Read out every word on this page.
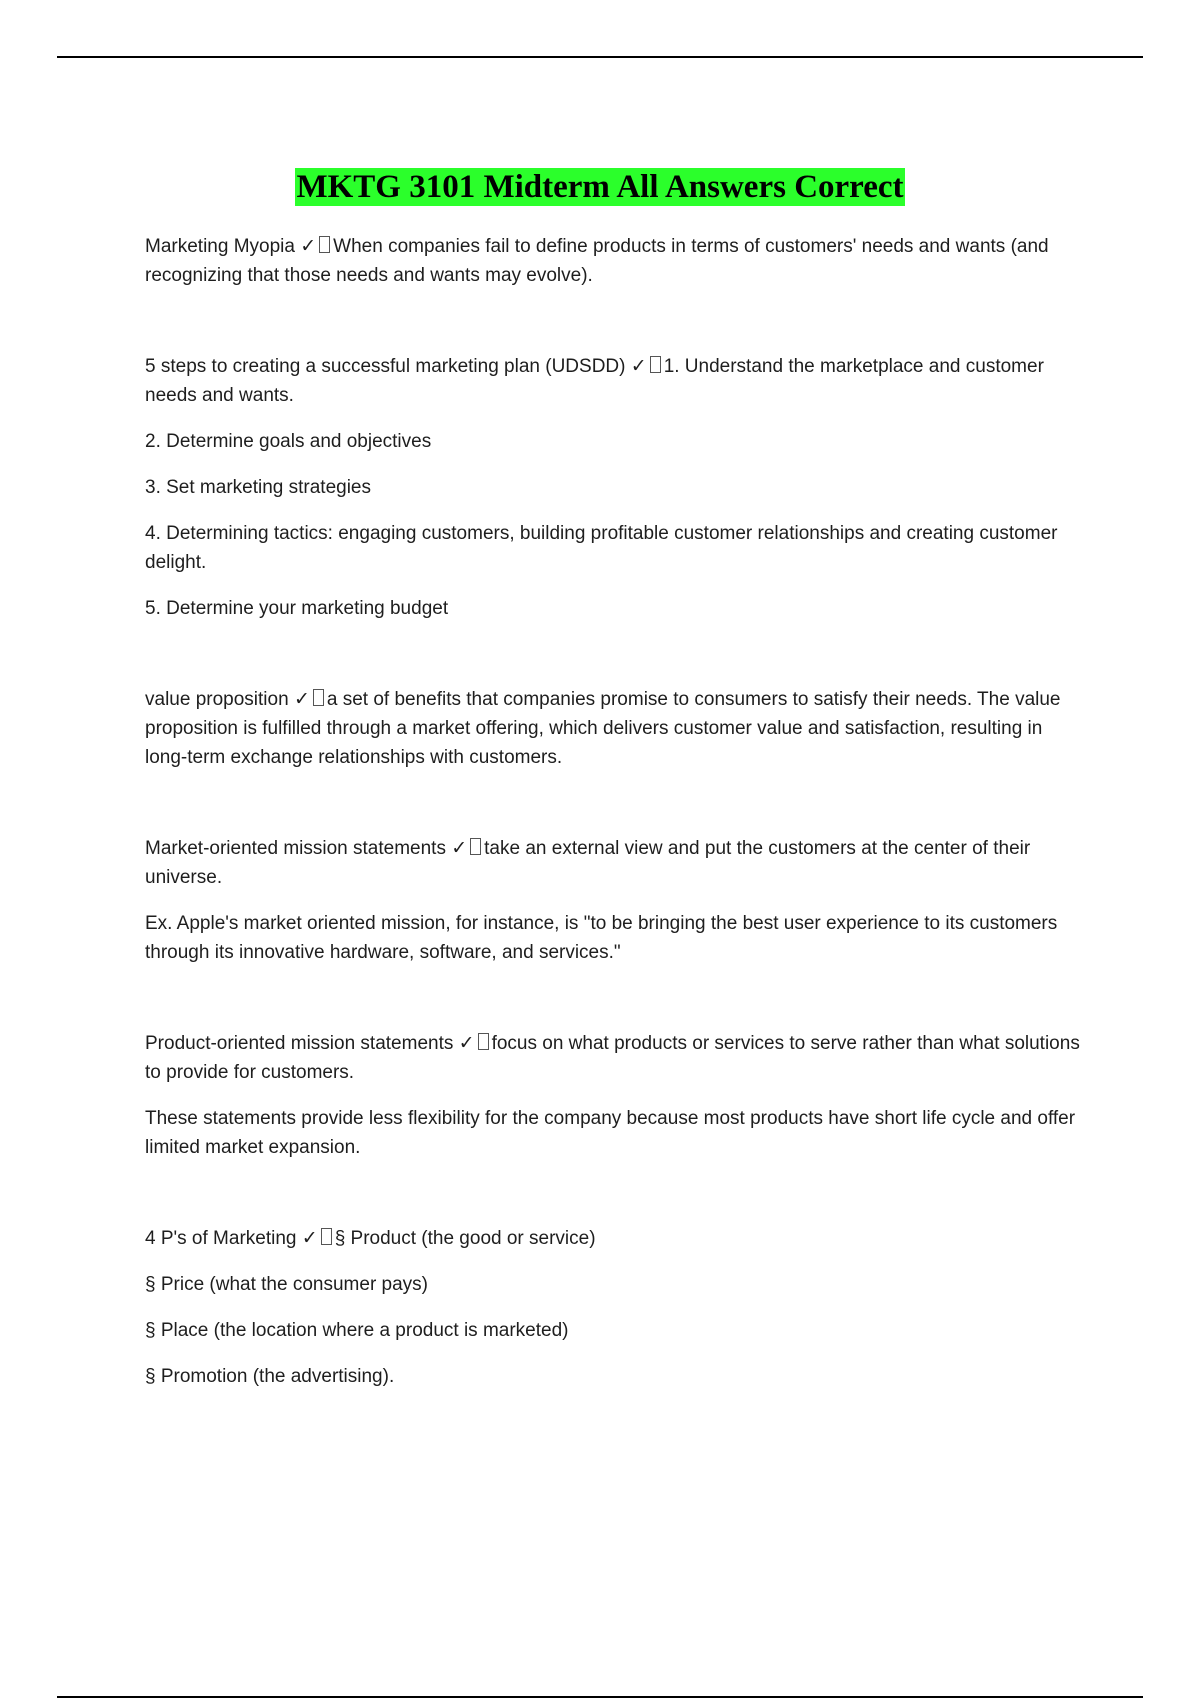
MKTG 3101 Midterm All Answers Correct

Marketing Myopia ✓ When companies fail to define products in terms of customers' needs and wants (and recognizing that those needs and wants may evolve).

5 steps to creating a successful marketing plan (UDSDD) ✓ 1. Understand the marketplace and customer needs and wants.

2. Determine goals and objectives

3. Set marketing strategies

4. Determining tactics: engaging customers, building profitable customer relationships and creating customer delight.

5. Determine your marketing budget

value proposition ✓ a set of benefits that companies promise to consumers to satisfy their needs. The value proposition is fulfilled through a market offering, which delivers customer value and satisfaction, resulting in long-term exchange relationships with customers.

Market-oriented mission statements ✓ take an external view and put the customers at the center of their universe.

Ex. Apple's market oriented mission, for instance, is "to be bringing the best user experience to its customers through its innovative hardware, software, and services."

Product-oriented mission statements ✓ focus on what products or services to serve rather than what solutions to provide for customers.

These statements provide less flexibility for the company because most products have short life cycle and offer limited market expansion.

4 P's of Marketing ✓ § Product (the good or service)

§ Price (what the consumer pays)

§ Place (the location where a product is marketed)

§ Promotion (the advertising).
